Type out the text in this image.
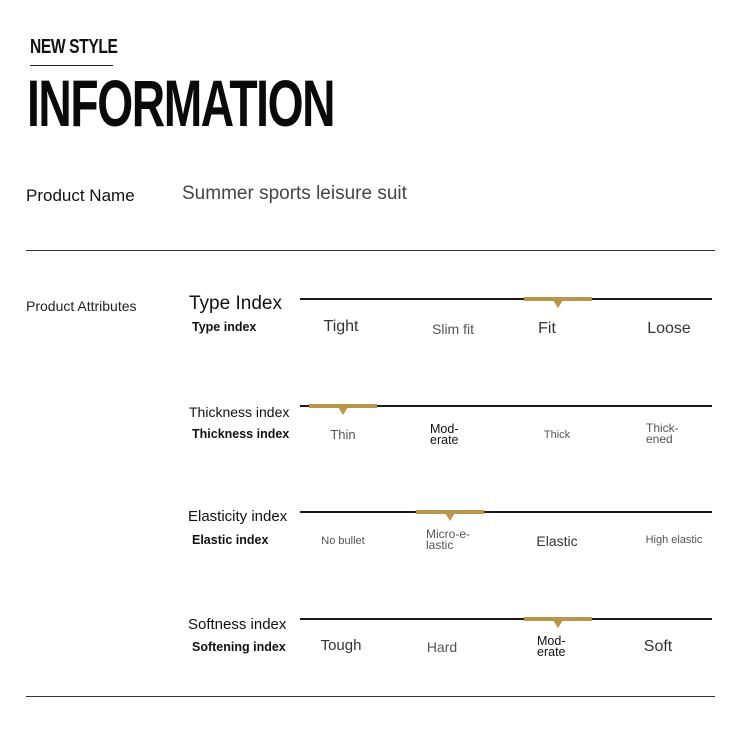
NEW STYLE
INFORMATION
Product Name Summer sports leisure suit
Product Attributes	Type Index
Type index	Tight	Slim fit	Fit	Loose
Thickness index
Thickness index	Thin	Mod-
erate	Thick	Thick-
ened
Elasticity index
Elastic index	No bullet	Micro-e-
lastic	Elastic	High elastic
Softness index
Softening index Tough	Hard	Mod-
erate	Soft
